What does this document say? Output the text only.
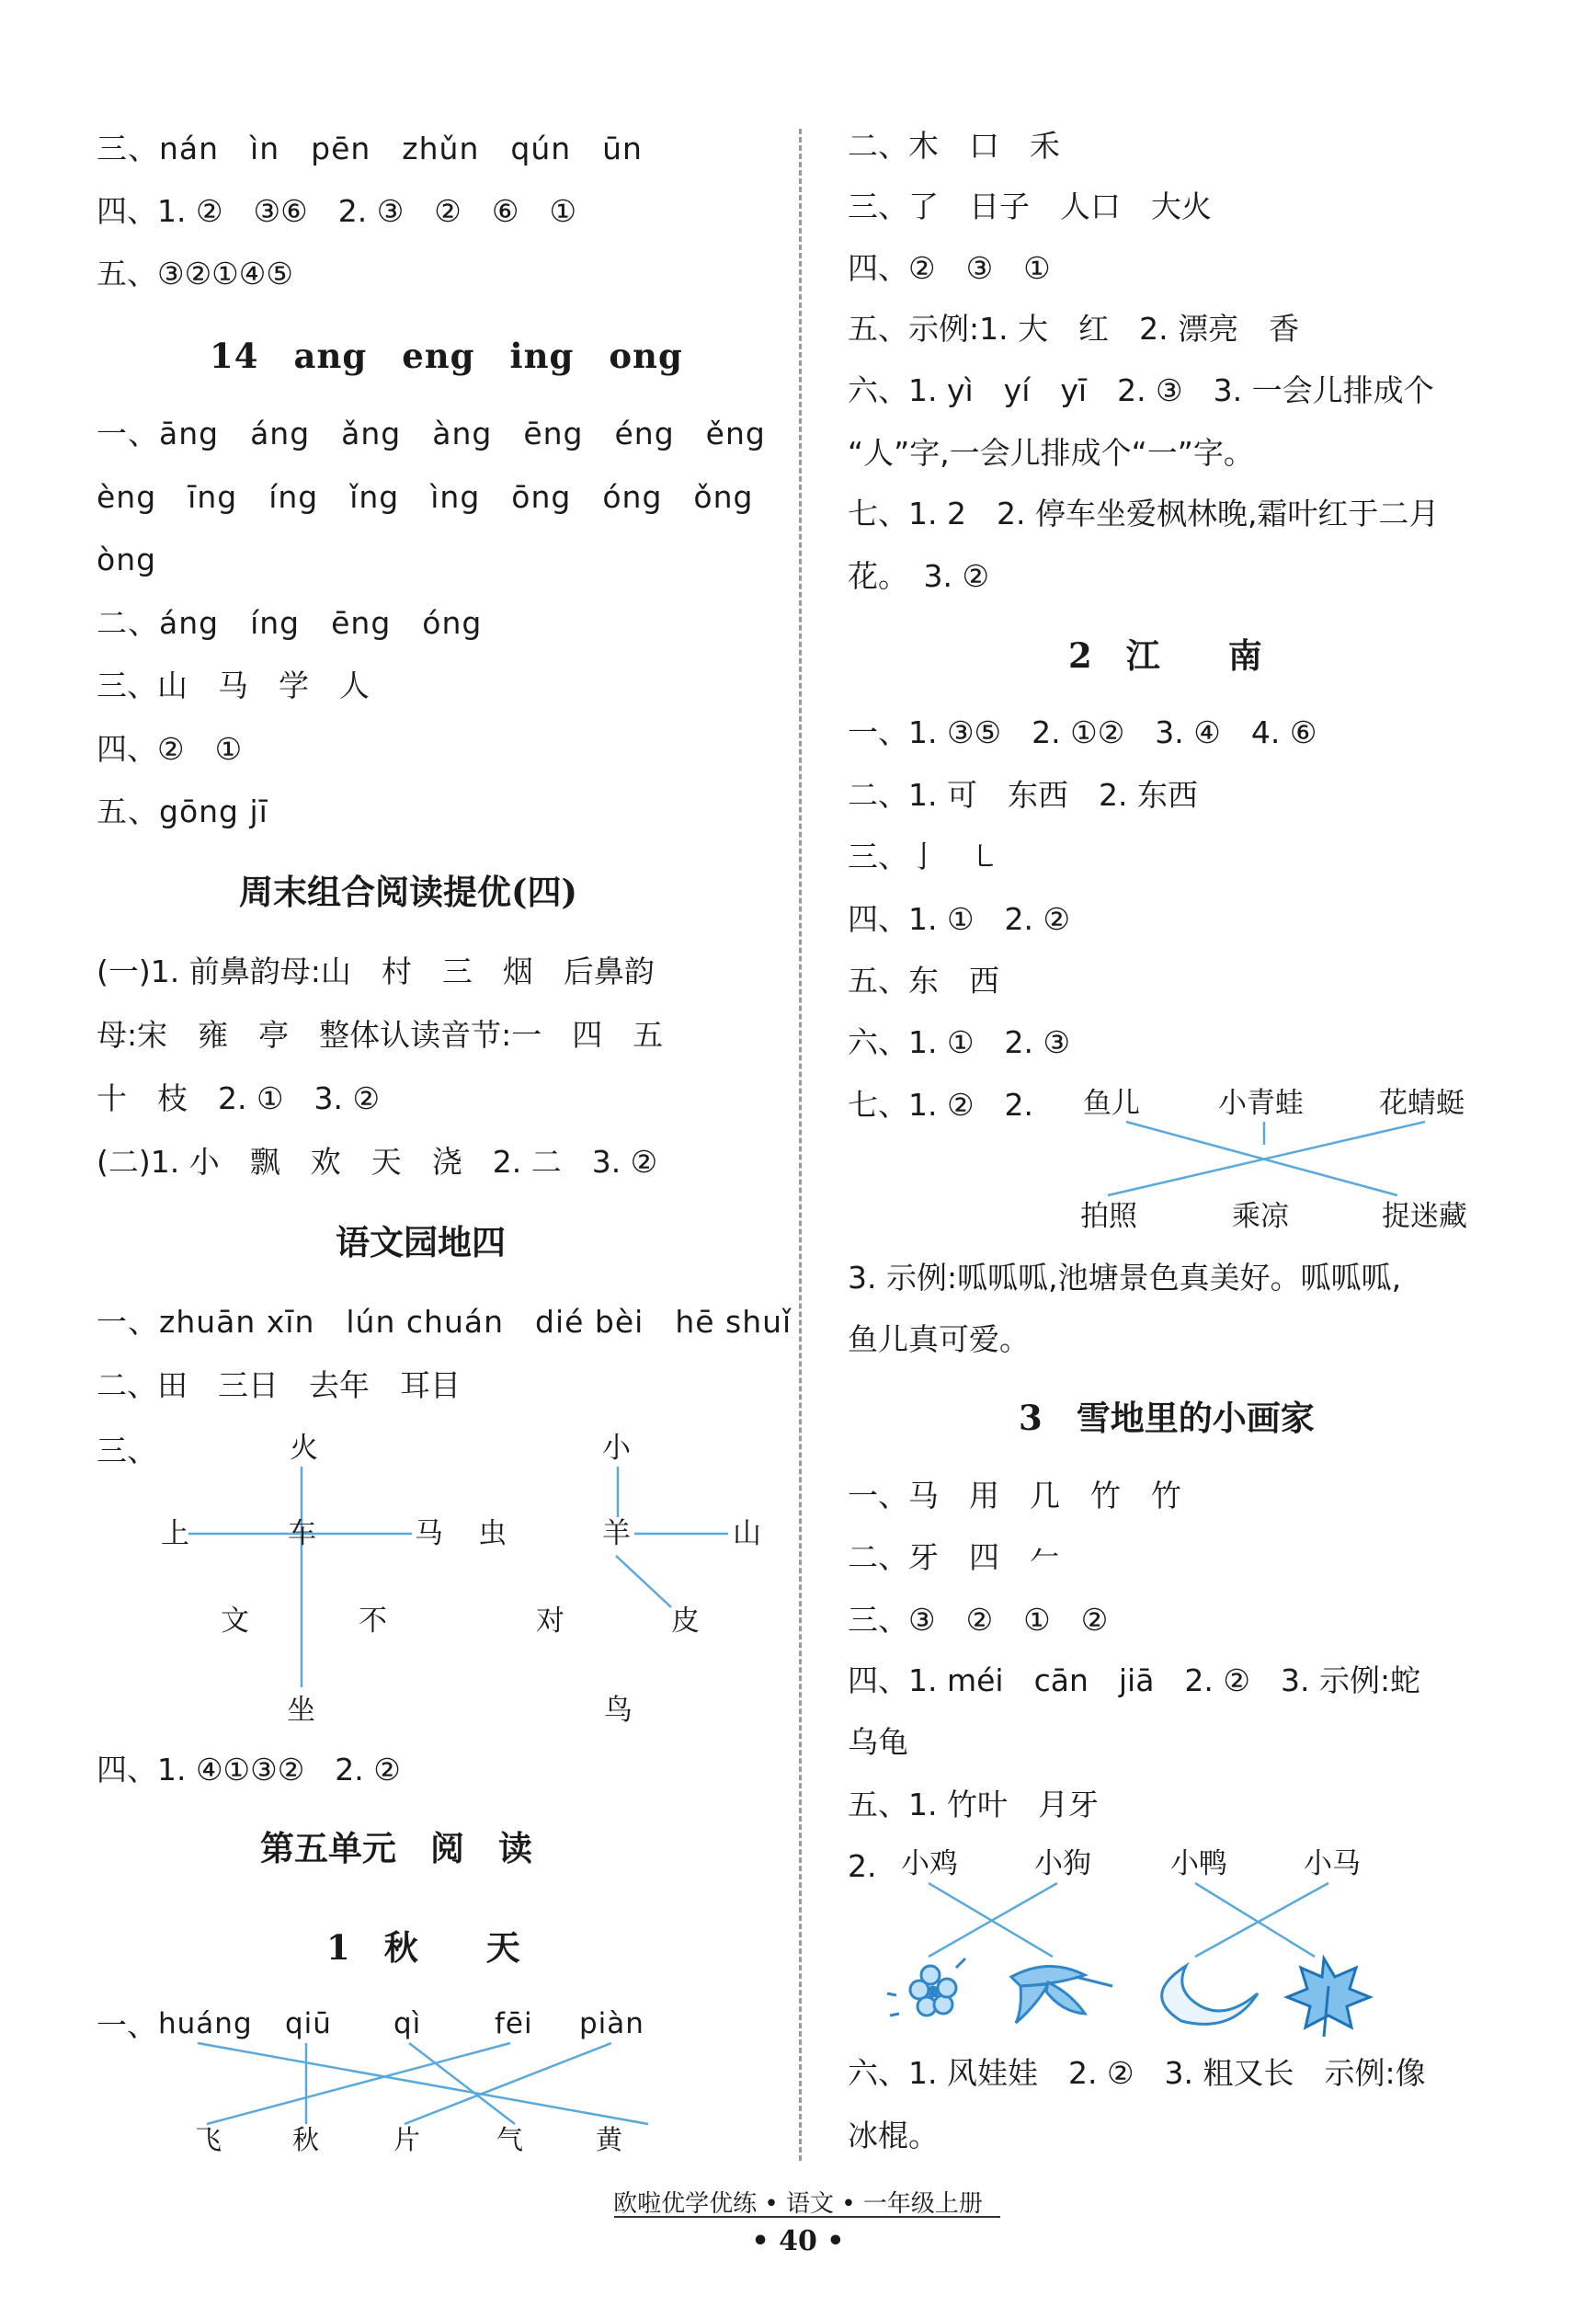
三、nán　ìn　pēn　zhǔn　qún　ūn
四、1. ②　③⑥　2. ③　②　⑥　①
五、③②①④⑤
14　ang　eng　ing　ong
一、āng　áng　ǎng　àng　ēng　éng　ěng
èng　īng　íng　ǐng　ìng　ōng　óng　ǒng
òng
二、áng　íng　ēng　óng
三、山　马　学　人
四、②　①
五、gōng jī
周末组合阅读提优(四)
(一)1. 前鼻韵母:山　村　三　烟　后鼻韵
母:宋　雍　亭　整体认读音节:一　四　五
十　枝　2. ①　3. ②
(二)1. 小　飘　欢　天　浇　2. 二　3. ②
语文园地四
一、zhuān xīn　lún chuán　dié bèi　hē shuǐ
二、田　三日　去年　耳目
三、	火
上	车	马 虫
文	不
坐
小
羊	山
对	皮
鸟
四、1. ④①③②　2. ②
第五单元　阅　读
1　秋　　天
一、 huáng qiū qì	fēi piàn
飞	秋	片	气	黄
二、木　口　禾
三、了　日子　人口　大火
四、②　③　①
五、示例:1. 大　红　2. 漂亮　香
六、1. yì　yí　yī　2. ③　3. 一会儿排成个
“人”字,一会儿排成个“一”字。
七、1. 2　2. 停车坐爱枫林晚,霜叶红于二月
花。　3. ②
2　江　　南
一、1. ③⑤　2. ①②　3. ④　4. ⑥
二、1. 可　东西　2. 东西
三、亅　㇄
四、1. ①　2. ②
五、东　西
六、1. ①　2. ③
七、1. ②　2. 鱼儿	小青蛙	花蜻蜓
拍照	乘凉	捉迷藏
3. 示例:呱呱呱,池塘景色真美好。呱呱呱,
鱼儿真可爱。
3　雪地里的小画家
一、马　用　几　竹　竹
二、牙　四　𠂉
三、③　②　①　②
四、1. méi　cān　jiā　2. ②　3. 示例:蛇
乌龟
五、1. 竹叶　月牙
2. 小鸡	小狗	小鸭	小马
六、1. 风娃娃　2. ②　3. 粗又长　示例:像
冰棍。
欧啦优学优练 • 语文 • 一年级上册
• 40 •
